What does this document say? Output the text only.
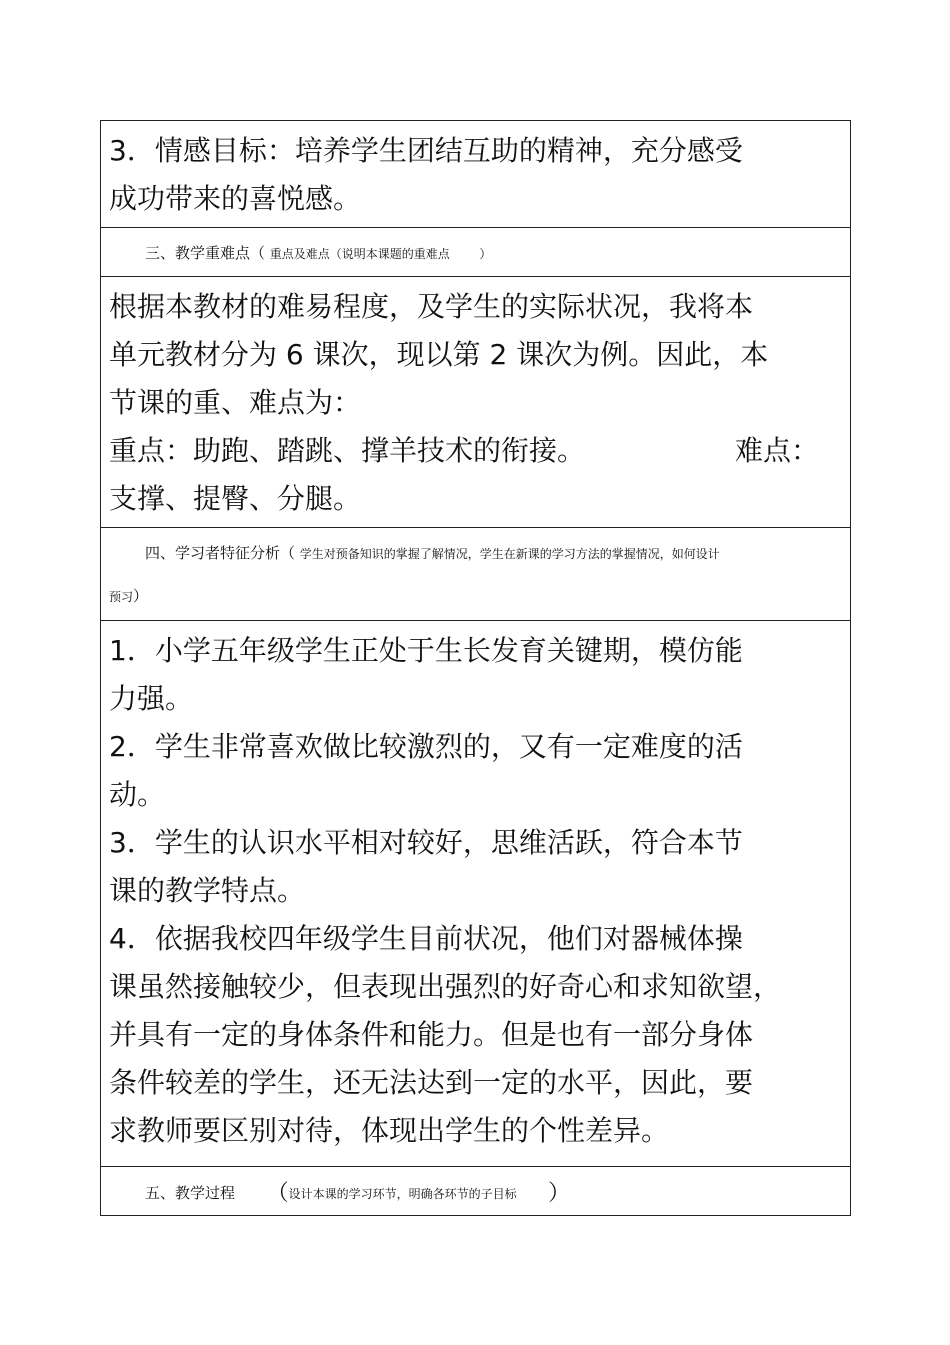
3．情感目标：培养学生团结互助的精神，充分感受

成功带来的喜悦感。

三、教学重难点（ 重点及难点（说明本课题的重难点 ）

根据本教材的难易程度，及学生的实际状况，我将本

单元教材分为 6 课次，现以第 2 课次为例。因此，本

节课的重、难点为：

重点：助跑、踏跳、撑羊技术的衔接。	难点：

支撑、提臀、分腿。

四、学习者特征分析（ 学生对预备知识的掌握了解情况，学生在新课的学习方法的掌握情况，如何设计
预习）

1．小学五年级学生正处于生长发育关键期，模仿能

力强。

2．学生非常喜欢做比较激烈的，又有一定难度的活

动。

3．学生的认识水平相对较好，思维活跃，符合本节

课的教学特点。

4．依据我校四年级学生目前状况，他们对器械体操

课虽然接触较少，但表现出强烈的好奇心和求知欲望，

并具有一定的身体条件和能力。但是也有一部分身体

条件较差的学生，还无法达到一定的水平，因此，要

求教师要区别对待，体现出学生的个性差异。

五、教学过程 （设计本课的学习环节，明确各环节的子目标 ）
